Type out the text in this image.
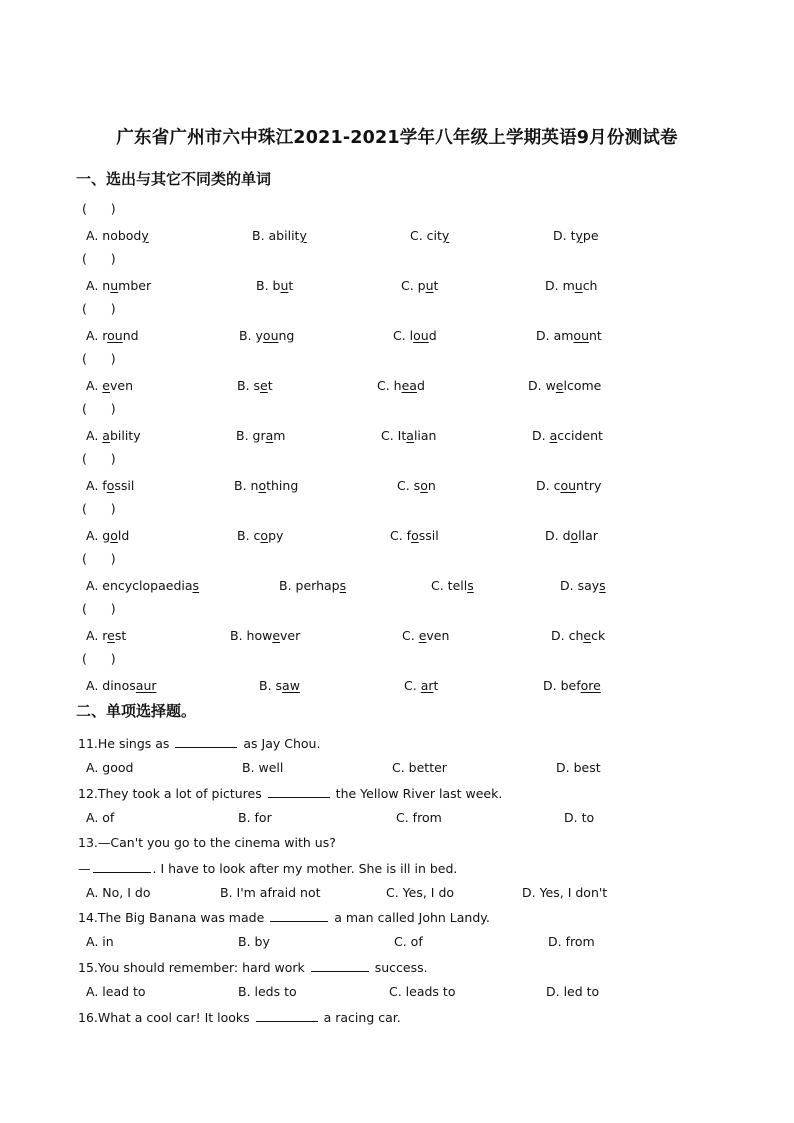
广东省广州市六中珠江2021-2021学年八年级上学期英语9月份测试卷
一、选出与其它不同类的单词
(      )
A. nobody	B. ability	C. city	D. type
(      )
A. number	B. but	C. put	D. much
(      )
A. round	B. young	C. loud	D. amount
(      )
A. even	B. set	C. head	D. welcome
(      )
A. ability	B. gram	C. Italian	D. accident
(      )
A. fossil	B. nothing	C. son	D. country
(      )
A. gold	B. copy	C. fossil	D. dollar
(      )
A. encyclopaedias	B. perhaps	C. tells	D. says
(      )
A. rest	B. however	C. even	D. check
(      )
A. dinosaur	B. saw	C. art	D. before
二、单项选择题。
11.He sings as	as Jay Chou.
A. good	B. well	C. better	D. best
12.They took a lot of pictures	the Yellow River last week.
A. of	B. for	C. from	D. to
13.—Can't you go to the cinema with us?
—	. I have to look after my mother. She is ill in bed.
A. No, I do	B. I'm afraid not	C. Yes, I do	D. Yes, I don't
14.The Big Banana was made	a man called John Landy.
A. in	B. by	C. of	D. from
15.You should remember: hard work	success.
A. lead to	B. leds to	C. leads to	D. led to
16.What a cool car! It looks	a racing car.
